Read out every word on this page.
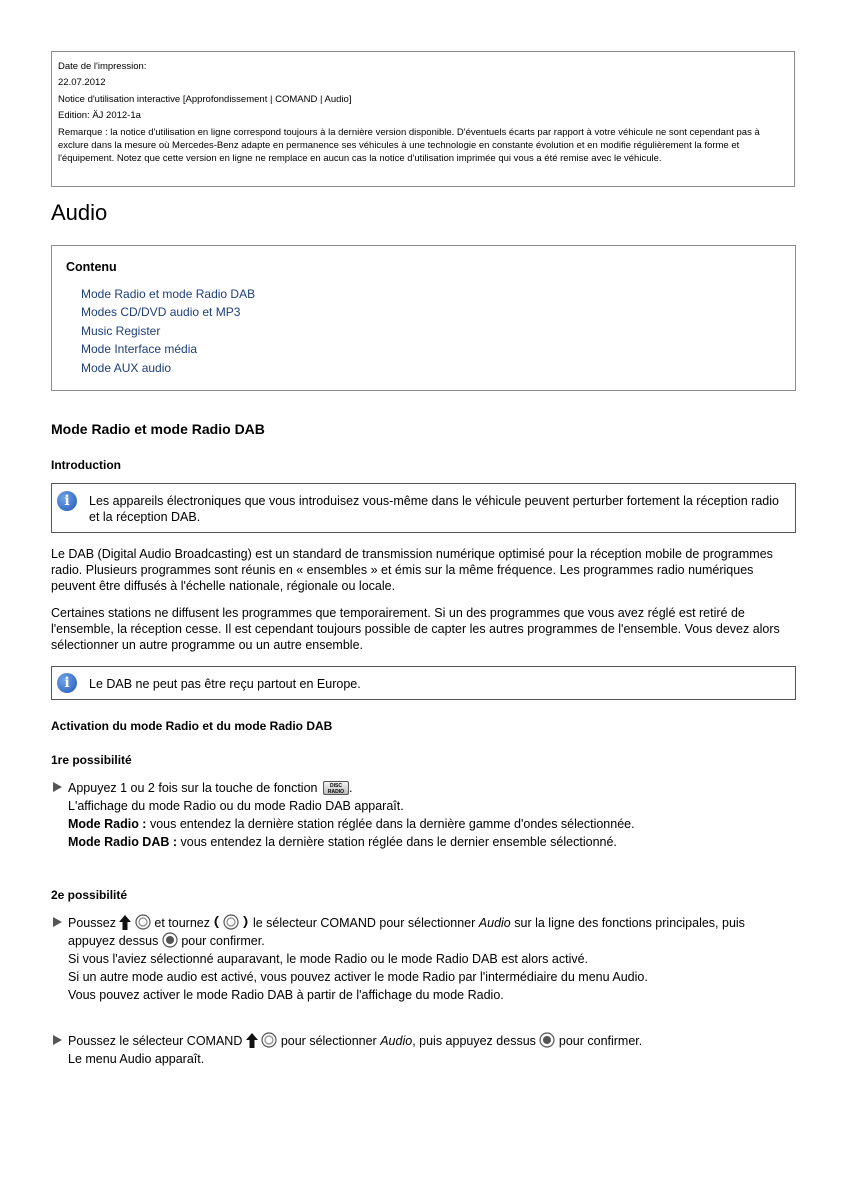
Date de l'impression:
22.07.2012
Notice d'utilisation interactive [Approfondissement | COMAND | Audio]
Edition: ÄJ 2012-1a
Remarque : la notice d'utilisation en ligne correspond toujours à la dernière version disponible. D'éventuels écarts par rapport à votre véhicule ne sont cependant pas à exclure dans la mesure où Mercedes-Benz adapte en permanence ses véhicules à une technologie en constante évolution et en modifie régulièrement la forme et l'équipement. Notez que cette version en ligne ne remplace en aucun cas la notice d'utilisation imprimée qui vous a été remise avec le véhicule.
Audio
Contenu
Mode Radio et mode Radio DAB
Modes CD/DVD audio et MP3
Music Register
Mode Interface média
Mode AUX audio
Mode Radio et mode Radio DAB
Introduction
i	Les appareils électroniques que vous introduisez vous-même dans le véhicule peuvent perturber fortement la réception radio et la réception DAB.

Le DAB (Digital Audio Broadcasting) est un standard de transmission numérique optimisé pour la réception mobile de programmes radio. Plusieurs programmes sont réunis en « ensembles » et émis sur la même fréquence. Les programmes radio numériques peuvent être diffusés à l'échelle nationale, régionale ou locale.

Certaines stations ne diffusent les programmes que temporairement. Si un des programmes que vous avez réglé est retiré de l'ensemble, la réception cesse. Il est cependant toujours possible de capter les autres programmes de l'ensemble. Vous devez alors sélectionner un autre programme ou un autre ensemble.

i	Le DAB ne peut pas être reçu partout en Europe.
Activation du mode Radio et du mode Radio DAB
1re possibilité
Appuyez 1 ou 2 fois sur la touche de fonction	DISC
RADIO .
L'affichage du mode Radio ou du mode Radio DAB apparaît.
Mode Radio : vous entendez la dernière station réglée dans la dernière gamme d'ondes sélectionnée.
Mode Radio DAB : vous entendez la dernière station réglée dans le dernier ensemble sélectionné.
2e possibilité
Poussez	et tournez	le sélecteur COMAND pour sélectionner Audio sur la ligne des fonctions principales, puis
appuyez dessus pour confirmer.
Si vous l'aviez sélectionné auparavant, le mode Radio ou le mode Radio DAB est alors activé.
Si un autre mode audio est activé, vous pouvez activer le mode Radio par l'intermédiaire du menu Audio.
Vous pouvez activer le mode Radio DAB à partir de l'affichage du mode Radio.
Poussez le sélecteur COMAND	pour sélectionner Audio, puis appuyez dessus pour confirmer.
Le menu Audio apparaît.
